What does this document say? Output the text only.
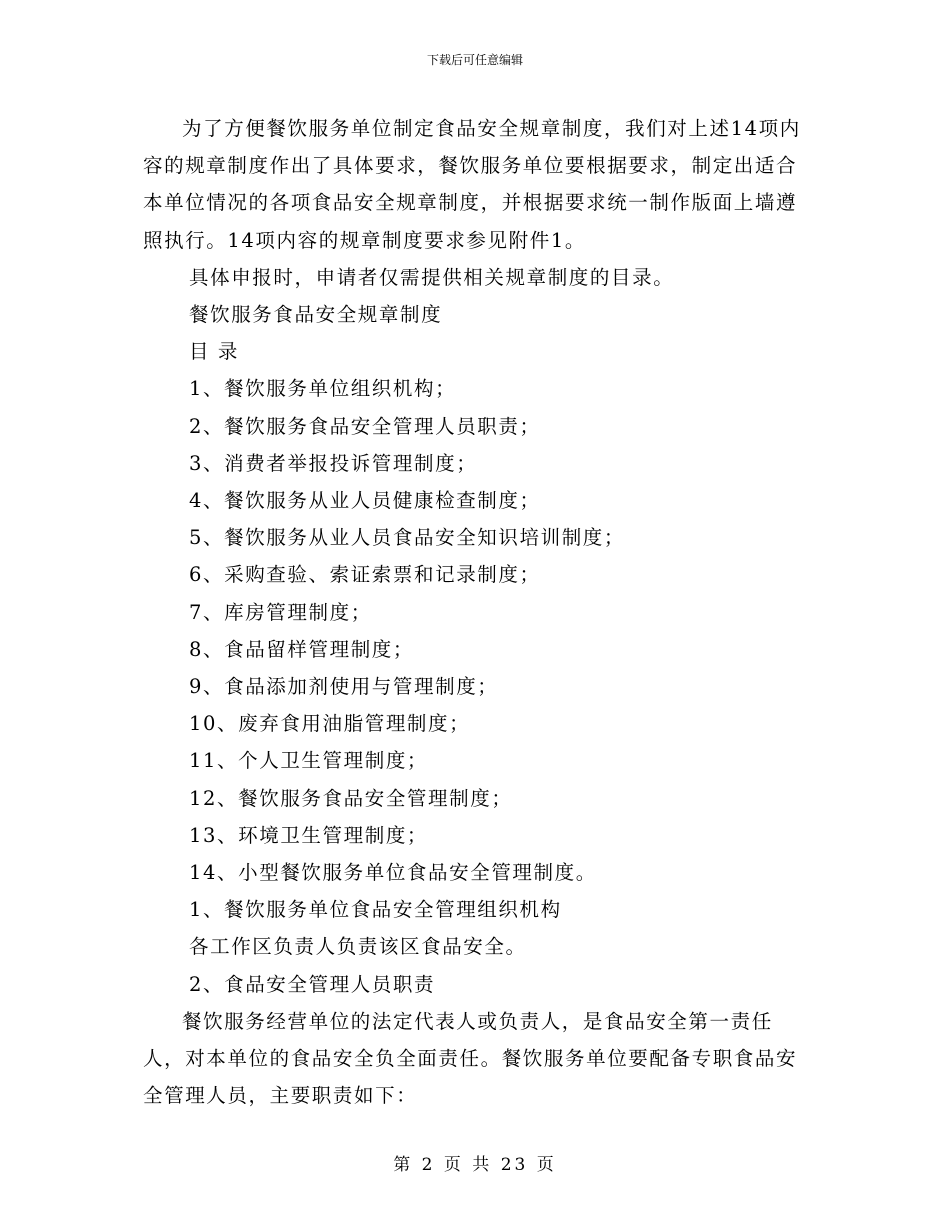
下载后可任意编辑

为了方便餐饮服务单位制定食品安全规章制度，我们对上述14项内容的规章制度作出了具体要求，餐饮服务单位要根据要求，制定出适合本单位情况的各项食品安全规章制度，并根据要求统一制作版面上墙遵照执行。14项内容的规章制度要求参见附件1。

具体申报时，申请者仅需提供相关规章制度的目录。

餐饮服务食品安全规章制度

目 录

1、餐饮服务单位组织机构；
2、餐饮服务食品安全管理人员职责；
3、消费者举报投诉管理制度；
4、餐饮服务从业人员健康检查制度；
5、餐饮服务从业人员食品安全知识培训制度；
6、采购查验、索证索票和记录制度；
7、库房管理制度；
8、食品留样管理制度；
9、食品添加剂使用与管理制度；
10、废弃食用油脂管理制度；
11、个人卫生管理制度；
12、餐饮服务食品安全管理制度；
13、环境卫生管理制度；
14、小型餐饮服务单位食品安全管理制度。

1、餐饮服务单位食品安全管理组织机构

各工作区负责人负责该区食品安全。

2、食品安全管理人员职责

餐饮服务经营单位的法定代表人或负责人，是食品安全第一责任人，对本单位的食品安全负全面责任。餐饮服务单位要配备专职食品安全管理人员，主要职责如下：

第 2 页 共 23 页
